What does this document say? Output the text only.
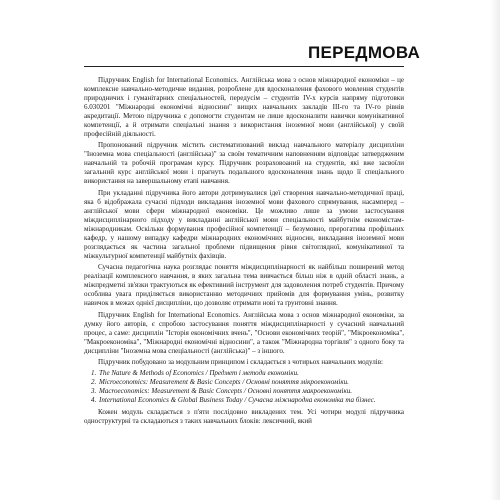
ПЕРЕДМОВА

Підручник English for International Economics. Англійська мова з основ міжнародної економіки – це комплексне навчально-методичне видання, розроблене для вдосконалення фахового мовлення студентів природничих і гуманітарних спеціальностей, передусім – студентів IV-x курсів напряму підготовки 6.030201 "Міжнародні економічні відносини" вищих навчальних закладів III-го та IV-го рівнів акредитації. Метою підручника є допомогти студентам не лише вдосконалити навички комунікативної компетенції, а й отримати спеціальні знання з використання іноземної мови (англійської) у своїй професійній діяльності.

Пропонований підручник містить систематизований виклад навчального матеріалу дисципліни "Іноземна мова спеціальності (англійська)" за своїм тематичним наповненням відповідає затвердженим навчальній та робочій програмам курсу. Підручник розраховоаний на студентів, які вже засвоїли загальний курс англійської мови і прагнуть подальшого вдосконалення знань щодо її спеціального використання на завершальному етапі навчання.

При укладанні підручника його автори дотримувалися ідеї створення навчально-методичної праці, яка б відображала сучасні підходи викладання іноземної мови фахового спрямування, насамперед – англійської мови сфери міжнародної економіки. Це можливо лише за умови застосування міждисциплінарного підходу у викладанні англійської мови спеціальності майбутнім економістам-міжнародникам. Оскільки формування професійної компетенції – безумовно, прерогатива профільних кафедр, у нашому випадку кафедри міжнародних економічних відносин, викладання іноземної мови розглядається як частина загальної проблеми підвищення рівня світоглядної, комунікативної та міжкультурної компетенції майбутніх фахівців.

Сучасна педагогічна наука розглядає поняття міждисциплінарності як найбільш поширений метод реалізації комплексного навчання, в яких загальна тема вивчається більш ніж в одній області знань, а міжпредметні зв'язки трактуються як ефективний інструмент для задоволення потреб студентів. Причому особлива увага приділяється використанню методичних прийомів для формування умінь, розвитку навичок в межах однієї дисципліни, що дозволяє отримати нові та ґрунтовні знання.

Підручник English for International Economics. Англійська мова з основ міжнародної економіки, за думку його авторів, є спробою застосування поняття міждисциплінарності у сучасний навчальний процес, а саме: дисциплін "Історія економічних вчень", "Основи економічних теорій", "Мікроекономіка", "Макроекономіка", "Міжнародні економічні відносини", а також "Міжнародна торгівля" з одного боку та дисципліни "Іноземна мова спеціальності (англійська)" – з іншого.

Підручник побудовано за модульним принципом і складається з чотирьох навчальних модулів:

1. The Nature & Methods of Economics / Предмет і методи економіки.
2. Microeconomics: Measurement & Basic Concepts / Основні поняття мікроекономіки.
3. Macroeconomics: Measurement & Basic Concepts / Основні поняття макроекономіки.
4. International Economics & Global Business Today / Сучасна міжнародна економіка та бізнес.

Кожен модуль складається з п'яти послідовно викладених тем. Усі чотири модулі підручника одноструктурні та складаються з таких навчальних блоків: лексичний, який
